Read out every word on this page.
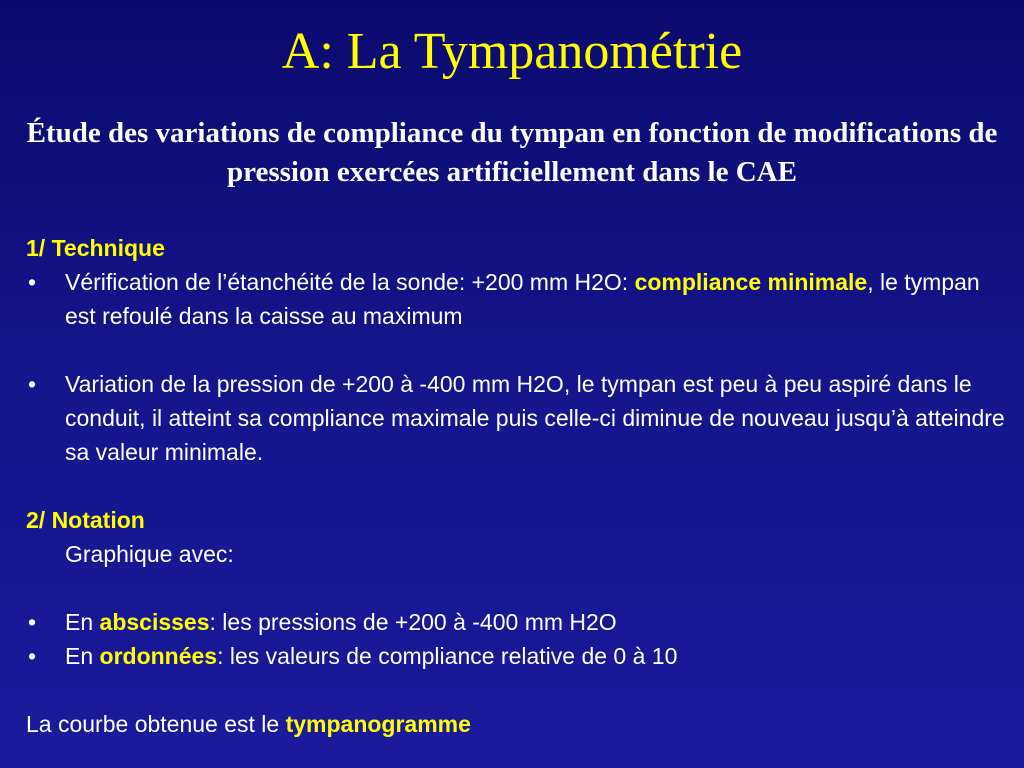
A: La Tympanométrie
Étude des variations de compliance du tympan en fonction de modifications de pression exercées artificiellement dans le CAE

1/ Technique

• Vérification de l’étanchéité de la sonde: +200 mm H2O: compliance minimale, le tympan est refoulé dans la caisse au maximum

• Variation de la pression de +200 à -400 mm H2O, le tympan est peu à peu aspiré dans le conduit, il atteint sa compliance maximale puis celle-ci diminue de nouveau jusqu’à atteindre sa valeur minimale.

2/ Notation

Graphique avec:

• En abscisses: les pressions de +200 à -400 mm H2O

• En ordonnées: les valeurs de compliance relative de 0 à 10

La courbe obtenue est le tympanogramme
